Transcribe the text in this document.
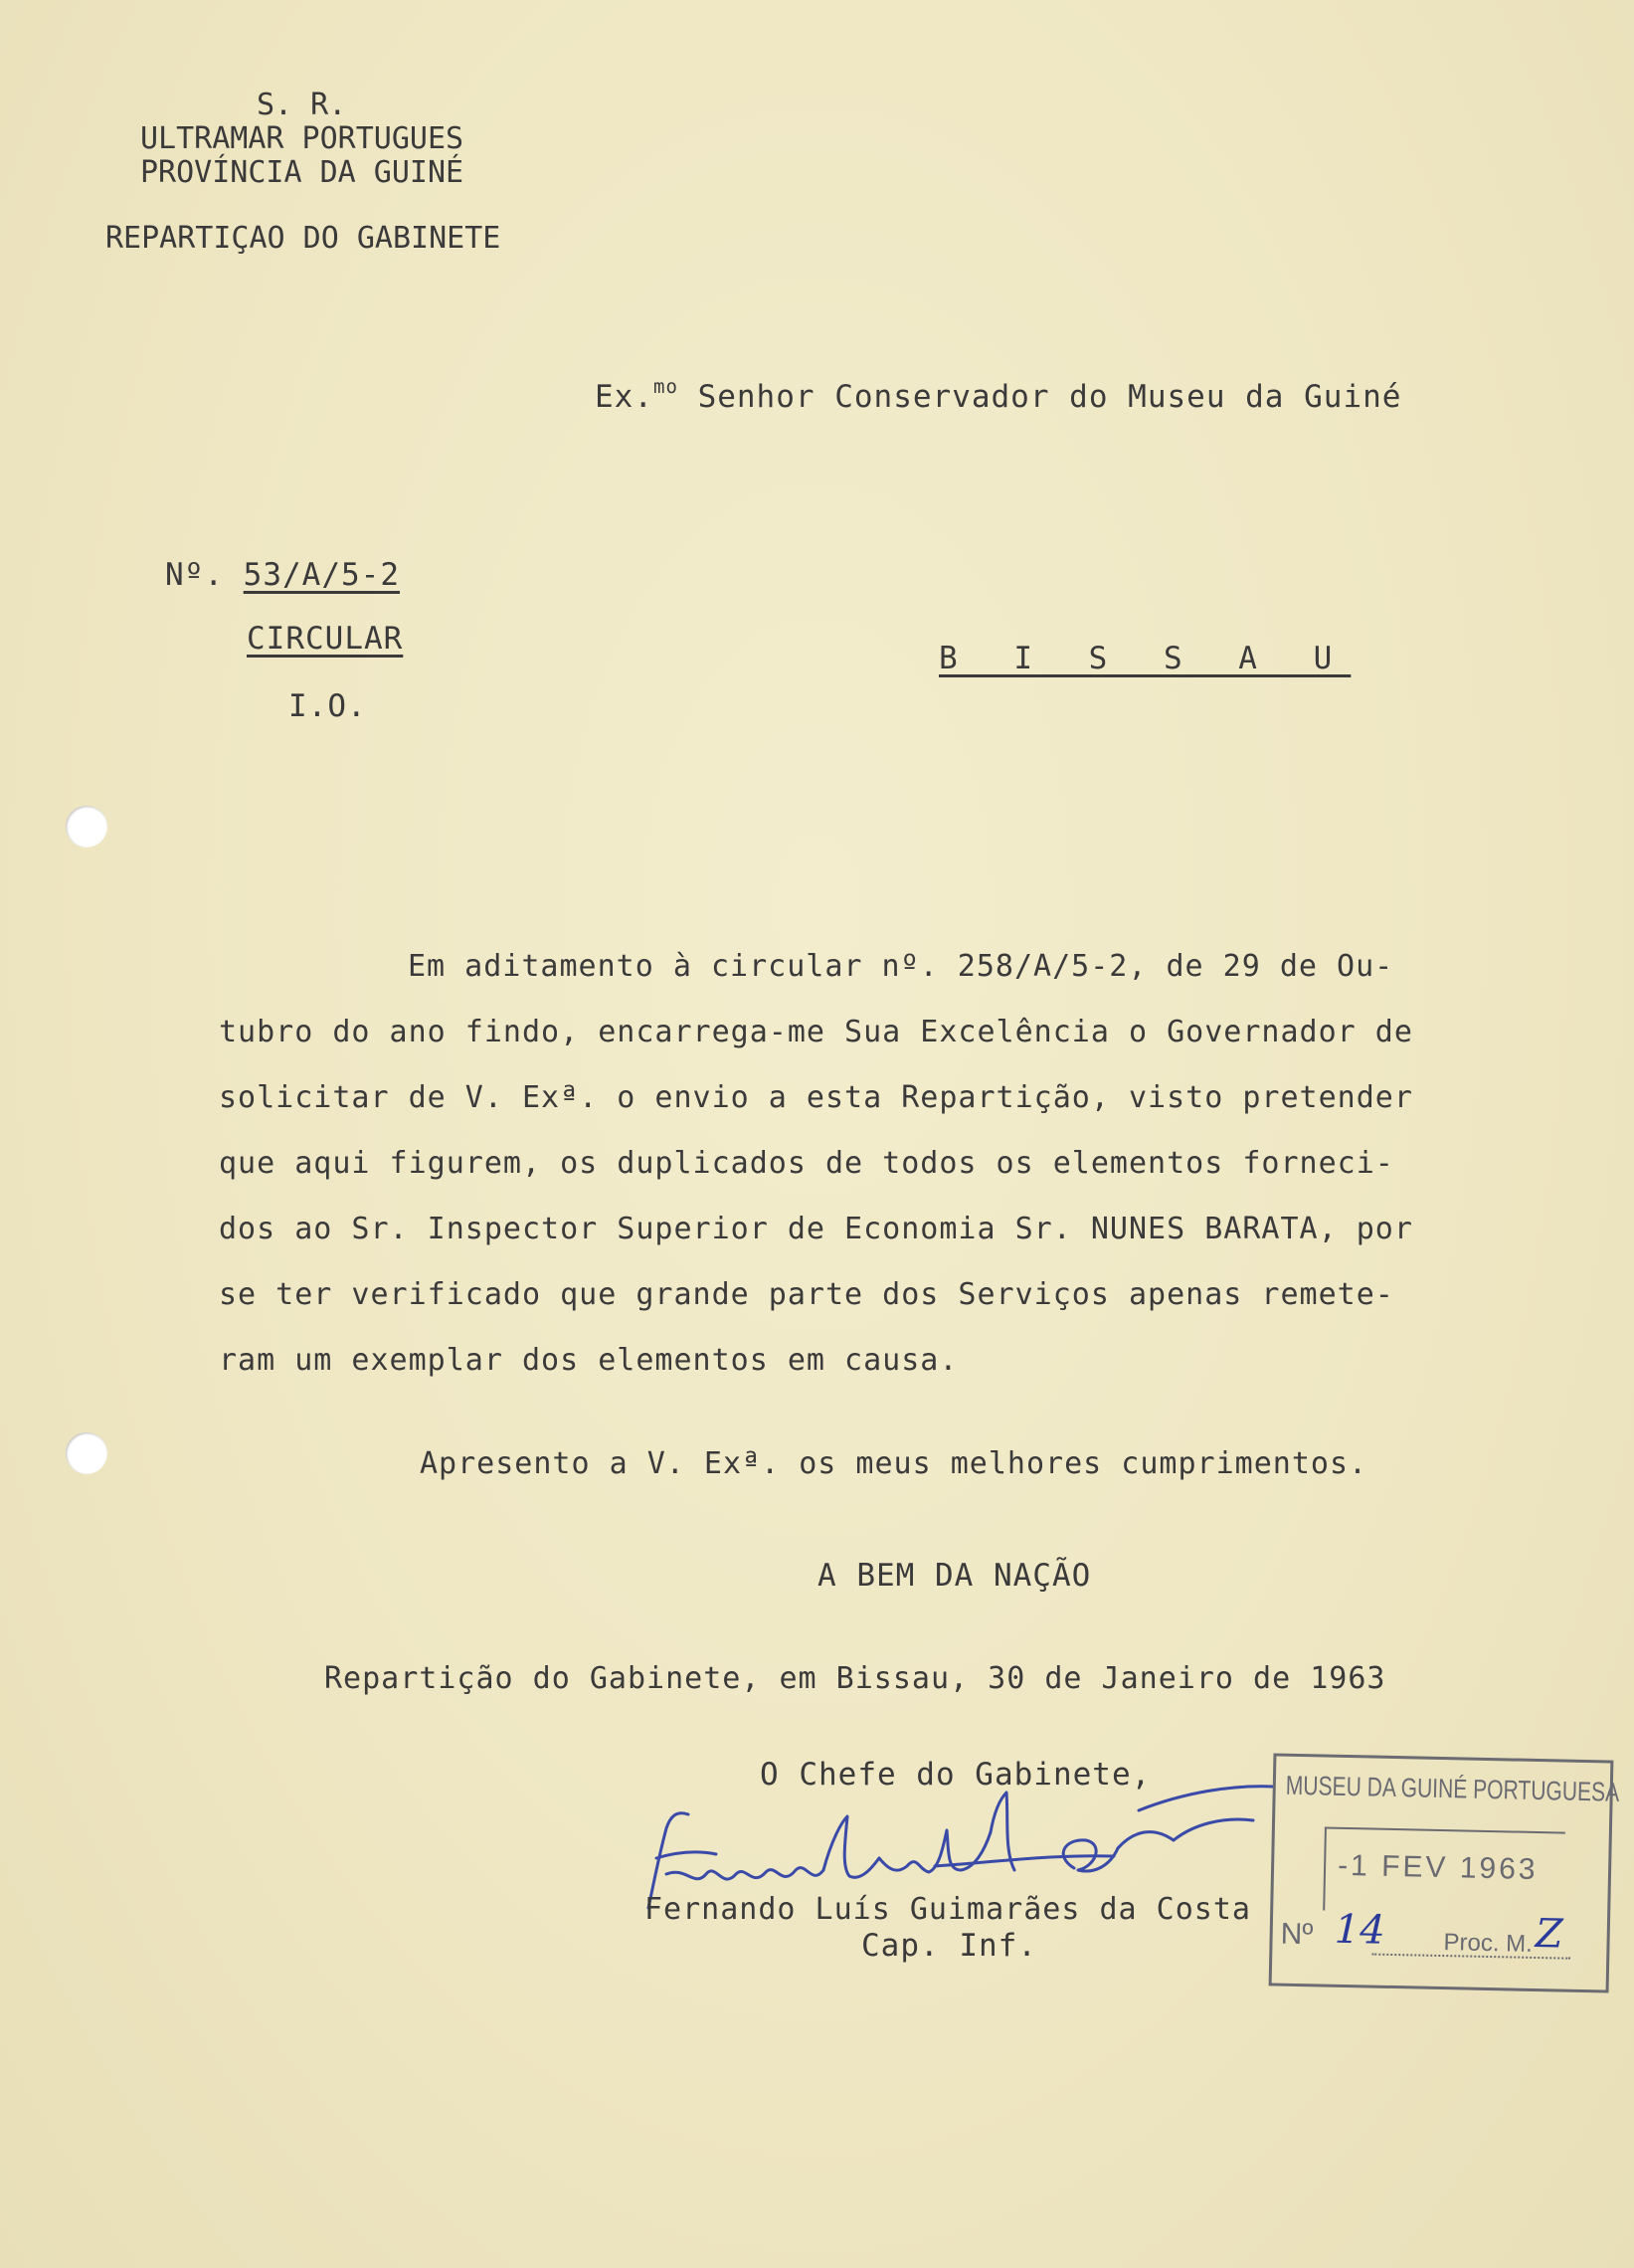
S. R.
ULTRAMAR PORTUGUES
PROVÍNCIA DA GUINÉ
REPARTIÇAO DO GABINETE
Ex.$^{mo}$ Senhor Conservador do Museu da Guiné
Nº. 53/A/5-2
CIRCULAR
I.O.
B I S S A U
Em aditamento à circular nº. 258/A/5-2, de 29 de Ou-
tubro do ano findo, encarrega-me Sua Excelência o Governador de
solicitar de V. Exª. o envio a esta Repartição, visto pretender
que aqui figurem, os duplicados de todos os elementos forneci-
dos ao Sr. Inspector Superior de Economia Sr. NUNES BARATA, por
se ter verificado que grande parte dos Serviços apenas remete-
ram um exemplar dos elementos em causa.
Apresento a V. Exª. os meus melhores cumprimentos.
A BEM DA NAÇÃO
Repartição do Gabinete, em Bissau, 30 de Janeiro de 1963
O Chefe do Gabinete,
Fernando Luís Guimarães da Costa
Cap. Inf.
MUSEU DA GUINÉ PORTUGUESA
-1 FEV 1963
Nº 14 Proc. M. Z
